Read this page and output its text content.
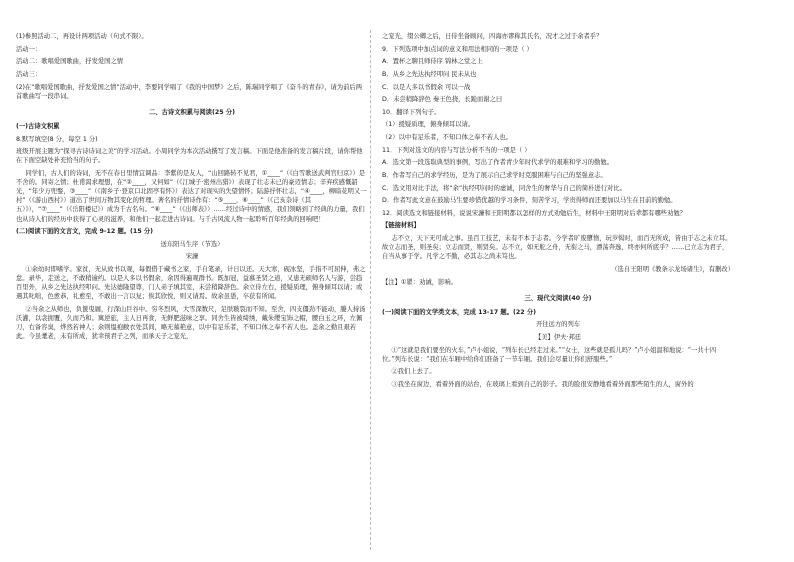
(1)参照活动二，再设计两项活动（句式不限）。

活动一：

活动二：歌唱爱国歌曲，抒发爱国之情

活动三：

(2)在“歌唱爱国歌曲，抒发爱国之情”活动中，李要同学唱了《我的中国梦》之后，陈瑞同学唱了《奋斗的青春》，请为前后两首歌曲写一段串词。

二、古诗文积累与阅读(25 分)

(一)古诗文积累

8.默写填空(8 分，每空 1 分)

班级开展主题为“探寻古诗诗词之美”的学习活动。小周同学为本次活动撰写了发言稿。下面是他准备的发言稿片段，请你帮他在下面空缺处补充恰当的句子。

同学们，古人们的诗词，无不在春日里情宜调品：李紫的是友人，“山回路转不见君，①____”（《白雪歌送武判官归京》）是不舍的。同寄之情；杜甫渴求理想，在“②____，又何如”（《江城子·密州出猎》）表现了壮志未已的豪迈情志；辛弃疾感慨韶光，“年少万兜鍪，③____”（《南乡子·登京口北固亭有怀》）表达了对现实的失望情怀；陆游抒怀壮志，“④____，柳暗花明又一村”（《游山西村》）道出了世间万物其变化的哲理。著名的抒情诗作有：“⑤____，⑥____”（《己亥杂诗（其五）》），“⑦____”（《岳阳楼记》）成为千古名句。“⑧____”（《出师表》）……经过诗中的情感，我们领略到了经典的力量，我们也从诗人们的经历中获得了心灵的滋养，和他们一起走进古诗词。与千古风流人物一起聆听百年经典的回响吧！

(二)阅读下面的文言文，完成 9-12 题。(15 分)

送东阳马生序（节选）

宋濂

①余幼时即嗜学。家贫，无从致书以观，每假借于藏书之家，手自笔录，计日以还。天大寒，砚冰坚，手指不可屈伸，弗之怠。录毕，走送之，不敢稍逾约。以是人多以书假余，余因得遍观群书。既加冠，益慕圣贤之道，又患无硕师名人与游，尝趋百里外，从乡之先达执经叩问。先达德隆望尊，门人弟子填其室，未尝稍降辞色。余立侍左右，援疑质理，俯身倾耳以请；或遇其叱咄，色愈恭，礼愈至，不敢出一言以复；俟其欣悦，则又请焉。故余虽愚，卒获有所闻。

②当余之从师也，负箧曳屣，行深山巨谷中。穷冬烈风，大雪深数尺，足肤皲裂而不知。至舍，四支僵劲不能动，媵人持汤沃灌，以衾拥覆，久而乃和。寓逆旅，主人日再食，无鲜肥滋味之享。同舍生皆被绮绣，戴朱缨宝饰之帽，腰白玉之环，左佩刀，右备容臭，烨然若神人；余则缊袍敝衣处其间，略无慕艳意，以中有足乐者，不知口体之奉不若人也。盖余之勤且艰若此。今虽耄老，未有所成，犹幸预君子之列，而承天子之宠光，

之宠光，缀公卿之后，日侍坐备顾问，四海亦谬称其氏名，况才之过于余者乎？

9．下列选项中加点词的意义和用法相同的一项是（ ）

A．置杯之聊且师侍序 锦林之堂之上

B．从乡之先达执经叩问 民未从也

C．以是人多以书假余 可以一战

D．未尝稍降辞色 秦王色挠，长跪而谢之曰

10．翻译下列句子。

（1）援疑质理，俯身倾耳以请。

（2）以中有足乐者，不知口体之奉不若人也。

11．下列对选文的内容与写法分析不当的一项是（ ）

A．选文第一段选取典型的事例，写出了作者青少年时代求学的艰难和学习的勤勉。

B．作者写自己的求学经历，是为了展示自己求学时克服困难与自己的坚强意志。

C．选文用对比手法，将“余”执经叩问时的虚诚，同舍生的奢华与自己的简朴进行对比。

D．作者写此文意在鼓励马生要珍惜优越的学习条件，刻苦学习，学贵得师而还要加以马生在目前的勤勉。

12．阅读选文和链接材料，说说宋濂和王阳明都以怎样的方式劝勉后生，材料中王阳明对后辈都有哪些劝勉？

【链接材料】

志不立，天下无可成之事。虽百工技艺，未有不本于志者。今学者旷废隳惰，玩岁愒时，而百无所成，皆由于志之未立耳。故立志而圣，则圣矣；立志而贤，则贤矣。志不立，如无舵之舟，无衔之马，漂荡奔逸，终亦何所底乎？……已立志为君子，自当从事于学。凡学之不勤，必其志之尚未笃也。

（选自王阳明《教条示龙场诸生》，有删改）

【注】①瞿：劝诫，影响。

三、现代文阅读(40 分)

(一)阅读下面的文学类文本，完成 13-17 题。(22 分)

开往远方的列车

【美】伊夫·邦廷

①“这就是我们要坐的火车，”卢小姐说，“列车长已经走过来。”“女士，这些就是孤儿吗？”卢小姐温和地说：“一共十四位。”列车长说：“我们在车厢中给你们准备了一节车厢。我们会尽量让你们舒服些。”

②我们上去了。

③我坐在窗边，看着外面的站台，在玻璃上看到自己的影子。我的脸很安静地看着外面那些陌生的人，窗外的
